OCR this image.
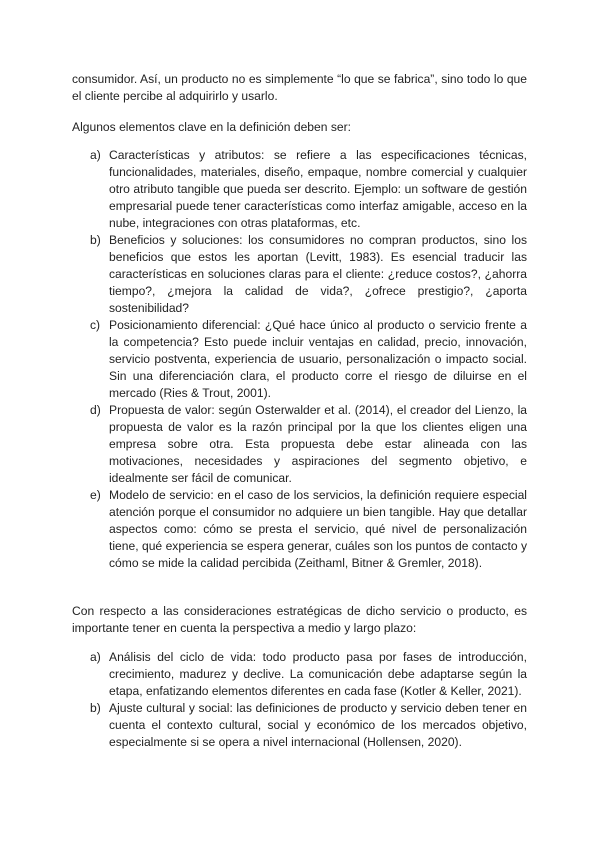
consumidor. Así, un producto no es simplemente “lo que se fabrica”, sino todo lo que el cliente percibe al adquirirlo y usarlo.

Algunos elementos clave en la definición deben ser:

a) Características y atributos: se refiere a las especificaciones técnicas, funcionalidades, materiales, diseño, empaque, nombre comercial y cualquier otro atributo tangible que pueda ser descrito. Ejemplo: un software de gestión empresarial puede tener características como interfaz amigable, acceso en la nube, integraciones con otras plataformas, etc.
b) Beneficios y soluciones: los consumidores no compran productos, sino los beneficios que estos les aportan (Levitt, 1983). Es esencial traducir las características en soluciones claras para el cliente: ¿reduce costos?, ¿ahorra tiempo?, ¿mejora la calidad de vida?, ¿ofrece prestigio?, ¿aporta sostenibilidad?
c) Posicionamiento diferencial: ¿Qué hace único al producto o servicio frente a la competencia? Esto puede incluir ventajas en calidad, precio, innovación, servicio postventa, experiencia de usuario, personalización o impacto social. Sin una diferenciación clara, el producto corre el riesgo de diluirse en el mercado (Ries & Trout, 2001).
d) Propuesta de valor: según Osterwalder et al. (2014), el creador del Lienzo, la propuesta de valor es la razón principal por la que los clientes eligen una empresa sobre otra. Esta propuesta debe estar alineada con las motivaciones, necesidades y aspiraciones del segmento objetivo, e idealmente ser fácil de comunicar.
e) Modelo de servicio: en el caso de los servicios, la definición requiere especial atención porque el consumidor no adquiere un bien tangible. Hay que detallar aspectos como: cómo se presta el servicio, qué nivel de personalización tiene, qué experiencia se espera generar, cuáles son los puntos de contacto y cómo se mide la calidad percibida (Zeithaml, Bitner & Gremler, 2018).

Con respecto a las consideraciones estratégicas de dicho servicio o producto, es importante tener en cuenta la perspectiva a medio y largo plazo:

a) Análisis del ciclo de vida: todo producto pasa por fases de introducción, crecimiento, madurez y declive. La comunicación debe adaptarse según la etapa, enfatizando elementos diferentes en cada fase (Kotler & Keller, 2021).
b) Ajuste cultural y social: las definiciones de producto y servicio deben tener en cuenta el contexto cultural, social y económico de los mercados objetivo, especialmente si se opera a nivel internacional (Hollensen, 2020).
